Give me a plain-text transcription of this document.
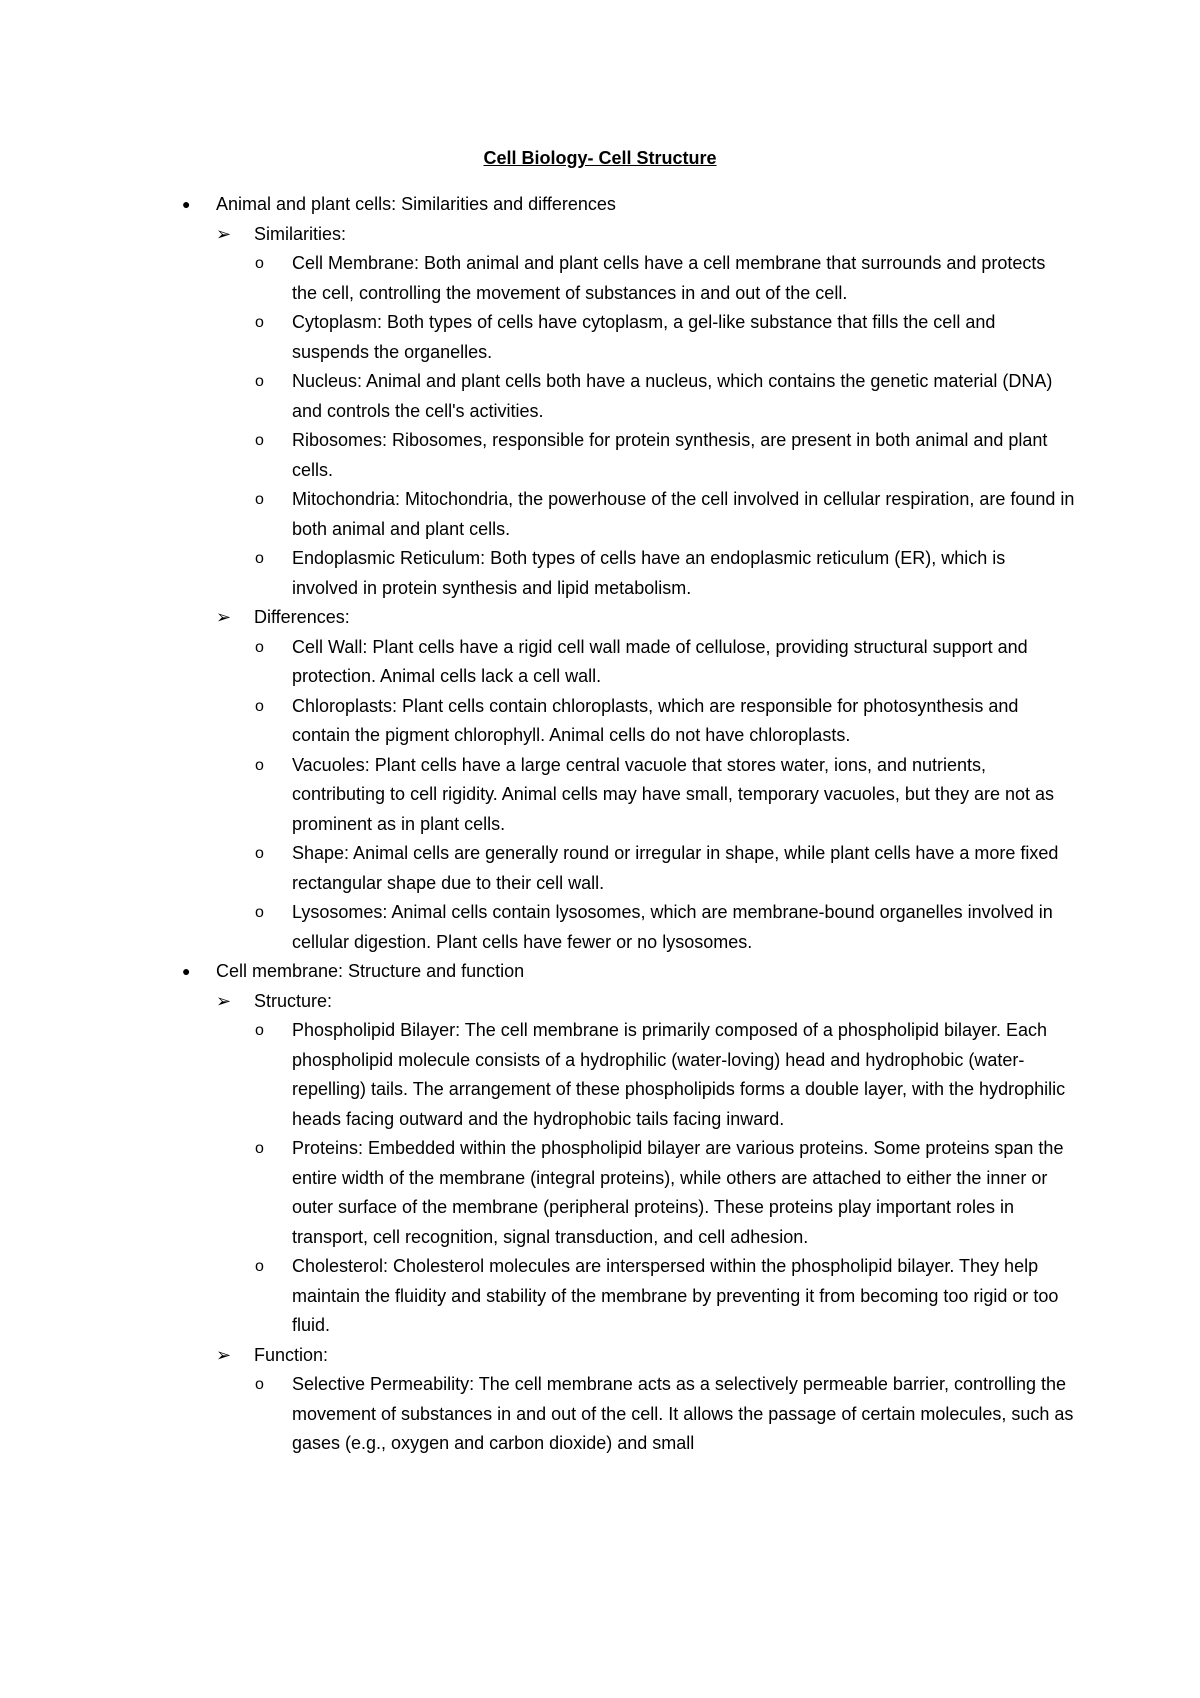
Cell Biology- Cell Structure
● Animal and plant cells: Similarities and differences
➢ Similarities:
o Cell Membrane: Both animal and plant cells have a cell membrane that surrounds and protects the cell, controlling the movement of substances in and out of the cell.
o Cytoplasm: Both types of cells have cytoplasm, a gel-like substance that fills the cell and suspends the organelles.
o Nucleus: Animal and plant cells both have a nucleus, which contains the genetic material (DNA) and controls the cell's activities.
o Ribosomes: Ribosomes, responsible for protein synthesis, are present in both animal and plant cells.
o Mitochondria: Mitochondria, the powerhouse of the cell involved in cellular respiration, are found in both animal and plant cells.
o Endoplasmic Reticulum: Both types of cells have an endoplasmic reticulum (ER), which is involved in protein synthesis and lipid metabolism.
➢ Differences:
o Cell Wall: Plant cells have a rigid cell wall made of cellulose, providing structural support and protection. Animal cells lack a cell wall.
o Chloroplasts: Plant cells contain chloroplasts, which are responsible for photosynthesis and contain the pigment chlorophyll. Animal cells do not have chloroplasts.
o Vacuoles: Plant cells have a large central vacuole that stores water, ions, and nutrients, contributing to cell rigidity. Animal cells may have small, temporary vacuoles, but they are not as prominent as in plant cells.
o Shape: Animal cells are generally round or irregular in shape, while plant cells have a more fixed rectangular shape due to their cell wall.
o Lysosomes: Animal cells contain lysosomes, which are membrane-bound organelles involved in cellular digestion. Plant cells have fewer or no lysosomes.
● Cell membrane: Structure and function
➢ Structure:
o Phospholipid Bilayer: The cell membrane is primarily composed of a phospholipid bilayer. Each phospholipid molecule consists of a hydrophilic (water-loving) head and hydrophobic (water-repelling) tails. The arrangement of these phospholipids forms a double layer, with the hydrophilic heads facing outward and the hydrophobic tails facing inward.
o Proteins: Embedded within the phospholipid bilayer are various proteins. Some proteins span the entire width of the membrane (integral proteins), while others are attached to either the inner or outer surface of the membrane (peripheral proteins). These proteins play important roles in transport, cell recognition, signal transduction, and cell adhesion.
o Cholesterol: Cholesterol molecules are interspersed within the phospholipid bilayer. They help maintain the fluidity and stability of the membrane by preventing it from becoming too rigid or too fluid.
➢ Function:
o Selective Permeability: The cell membrane acts as a selectively permeable barrier, controlling the movement of substances in and out of the cell. It allows the passage of certain molecules, such as gases (e.g., oxygen and carbon dioxide) and small
